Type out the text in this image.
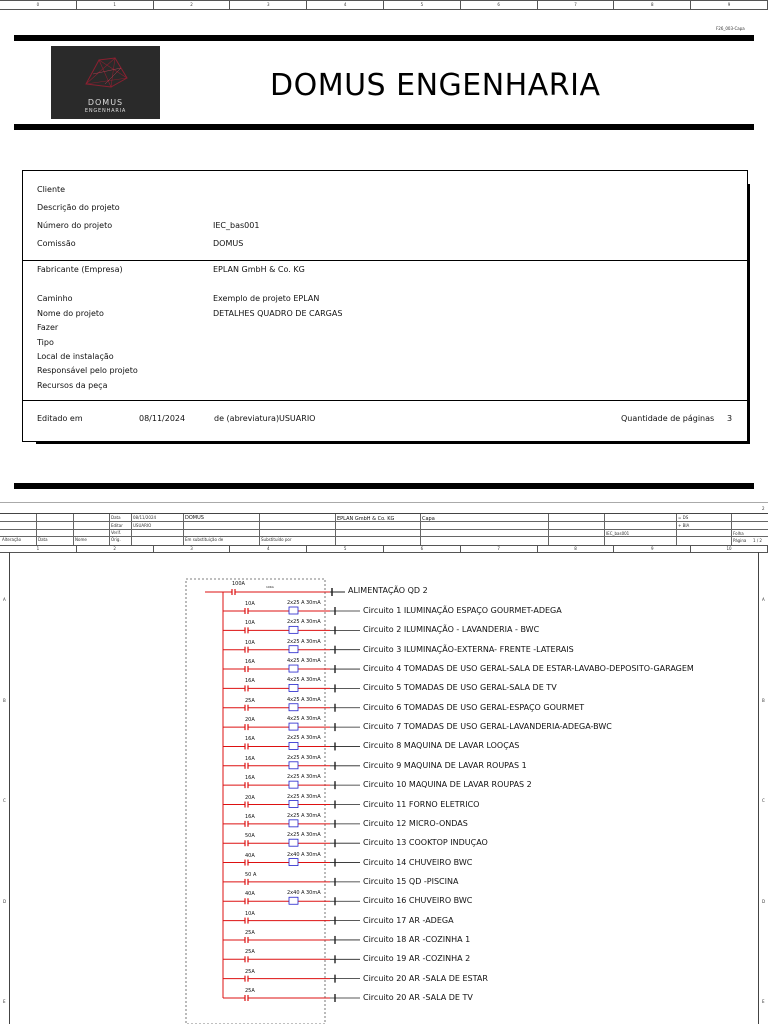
0	1	2	3	4	5	6	7	8	9
F26_003-Capa
DOMUS
ENGENHARIA
DOMUS ENGENHARIA
Cliente
Descrição do projeto
Número do projeto	IEC_bas001
Comissão	DOMUS
Fabricante (Empresa)	EPLAN GmbH & Co. KG
Caminho	Exemplo de projeto EPLAN
Nome do projeto	DETALHES QUADRO DE CARGAS
Fazer
Tipo
Local de instalação
Responsável pelo projeto
Recursos da peça
Editado em	08/11/2024	de (abreviatura) USUARIO	Quantidade de páginas 3
2
Data	08/11/2024
Editar	USUARIO
Verif.
Orig.	Em substituição de	Substituído por
Alteração	Data	Nome
DOMUS	EPLAN GmbH & Co. KG	Capa	= DS
+ BIA
IEC_bas001	Folha
Página 1 / 2
1	2	3	4	5	6	7	8	9	10
A	A
B	B
C	C
D	D
E	E
100A	10KA	ALIMENTAÇÃO QD 2
2x25 A 30mA
10A
Circuito 1 ILUMINAÇÃO ESPAÇO GOURMET-ADEGA
2x25 A 30mA
10A
Circuito 2 ILUMINAÇÃO - LAVANDERIA - BWC
2x25 A 30mA
10A
Circuito 3 ILUMINAÇÃO-EXTERNA- FRENTE -LATERAIS
4x25 A 30mA
16A
Circuito 4 TOMADAS DE USO GERAL-SALA DE ESTAR-LAVABO-DEPOSITO-GARAGEM
4x25 A 30mA
16A
Circuito 5 TOMADAS DE USO GERAL-SALA DE TV
4x25 A 30mA
25A
Circuito 6 TOMADAS DE USO GERAL-ESPAÇO GOURMET
4x25 A 30mA
20A
Circuito 7 TOMADAS DE USO GERAL-LAVANDERIA-ADEGA-BWC
2x25 A 30mA
16A
Circuito 8 MAQUINA DE LAVAR LOOÇAS
2x25 A 30mA
16A
Circuito 9 MAQUINA DE LAVAR ROUPAS 1
2x25 A 30mA
16A
Circuito 10 MAQUINA DE LAVAR ROUPAS 2
2x25 A 30mA
20A
Circuito 11 FORNO ELETRICO
2x25 A 30mA
16A
Circuito 12 MICRO-ONDAS
2x25 A 30mA
50A
Circuito 13 COOKTOP INDUÇAO
2x40 A 30mA
40A
Circuito 14 CHUVEIRO BWC
50 A
Circuito 15 QD -PISCINA
2x40 A 30mA
40A
Circuito 16 CHUVEIRO BWC
10A
Circuito 17 AR -ADEGA
25A
Circuito 18 AR -COZINHA 1
25A
Circuito 19 AR -COZINHA 2
25A
Circuito 20 AR -SALA DE ESTAR
25A
Circuito 20 AR -SALA DE TV
